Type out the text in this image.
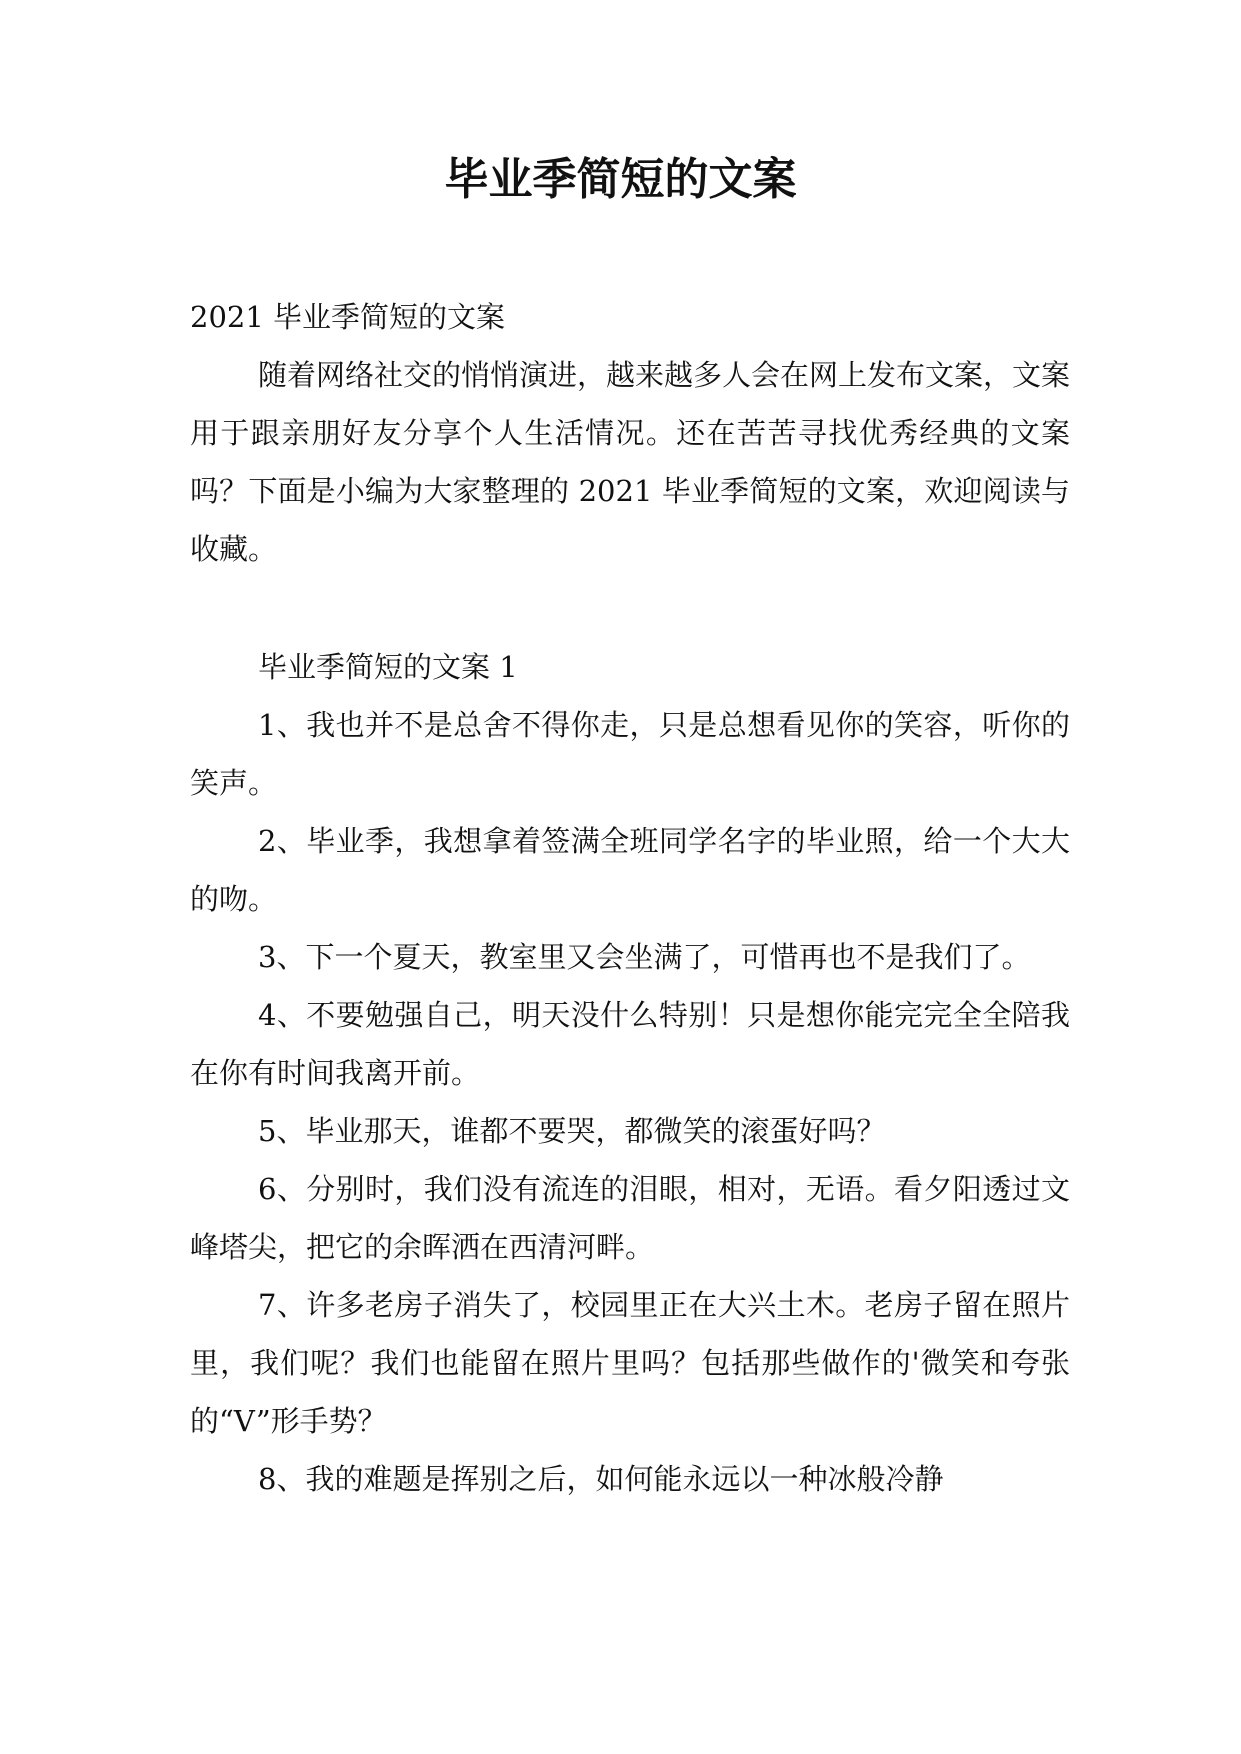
毕业季简短的文案

2021 毕业季简短的文案

随着网络社交的悄悄演进，越来越多人会在网上发布文案，文案用于跟亲朋好友分享个人生活情况。还在苦苦寻找优秀经典的文案吗？下面是小编为大家整理的 2021 毕业季简短的文案，欢迎阅读与收藏。

毕业季简短的文案 1

1、我也并不是总舍不得你走，只是总想看见你的笑容，听你的笑声。

2、毕业季，我想拿着签满全班同学名字的毕业照，给一个大大的吻。

3、下一个夏天，教室里又会坐满了，可惜再也不是我们了。

4、不要勉强自己，明天没什么特别！只是想你能完完全全陪我在你有时间我离开前。

5、毕业那天，谁都不要哭，都微笑的滚蛋好吗？

6、分别时，我们没有流连的泪眼，相对，无语。看夕阳透过文峰塔尖，把它的余晖洒在西清河畔。

7、许多老房子消失了，校园里正在大兴土木。老房子留在照片里，我们呢？我们也能留在照片里吗？包括那些做作的'微笑和夸张的“V”形手势？

8、我的难题是挥别之后，如何能永远以一种冰般冷静
